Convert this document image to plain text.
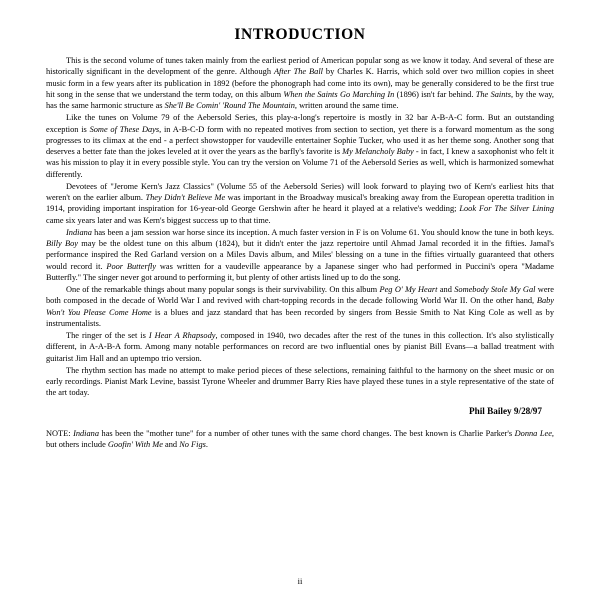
INTRODUCTION

This is the second volume of tunes taken mainly from the earliest period of American popular song as we know it today. And several of these are historically significant in the development of the genre. Although After The Ball by Charles K. Harris, which sold over two million copies in sheet music form in a few years after its publication in 1892 (before the phonograph had come into its own), may be generally considered to be the first true hit song in the sense that we understand the term today, on this album When the Saints Go Marching In (1896) isn't far behind. The Saints, by the way, has the same harmonic structure as She'll Be Comin' 'Round The Mountain, written around the same time.

Like the tunes on Volume 79 of the Aebersold Series, this play-a-long's repertoire is mostly in 32 bar A-B-A-C form. But an outstanding exception is Some of These Days, in A-B-C-D form with no repeated motives from section to section, yet there is a forward momentum as the song progresses to its climax at the end - a perfect showstopper for vaudeville entertainer Sophie Tucker, who used it as her theme song. Another song that deserves a better fate than the jokes leveled at it over the years as the barfly's favorite is My Melancholy Baby - in fact, I knew a saxophonist who felt it was his mission to play it in every possible style. You can try the version on Volume 71 of the Aebersold Series as well, which is harmonized somewhat differently.

Devotees of "Jerome Kern's Jazz Classics" (Volume 55 of the Aebersold Series) will look forward to playing two of Kern's earliest hits that weren't on the earlier album. They Didn't Believe Me was important in the Broadway musical's breaking away from the European operetta tradition in 1914, providing important inspiration for 16-year-old George Gershwin after he heard it played at a relative's wedding; Look For The Silver Lining came six years later and was Kern's biggest success up to that time.

Indiana has been a jam session war horse since its inception. A much faster version in F is on Volume 61. You should know the tune in both keys. Billy Boy may be the oldest tune on this album (1824), but it didn't enter the jazz repertoire until Ahmad Jamal recorded it in the fifties. Jamal's performance inspired the Red Garland version on a Miles Davis album, and Miles' blessing on a tune in the fifties virtually guaranteed that others would record it. Poor Butterfly was written for a vaudeville appearance by a Japanese singer who had performed in Puccini's opera "Madame Butterfly." The singer never got around to performing it, but plenty of other artists lined up to do the song.

One of the remarkable things about many popular songs is their survivability. On this album Peg O' My Heart and Somebody Stole My Gal were both composed in the decade of World War I and revived with chart-topping records in the decade following World War II. On the other hand, Baby Won't You Please Come Home is a blues and jazz standard that has been recorded by singers from Bessie Smith to Nat King Cole as well as by instrumentalists.

The ringer of the set is I Hear A Rhapsody, composed in 1940, two decades after the rest of the tunes in this collection. It's also stylistically different, in A-A-B-A form. Among many notable performances on record are two influential ones by pianist Bill Evans—a ballad treatment with guitarist Jim Hall and an uptempo trio version.

The rhythm section has made no attempt to make period pieces of these selections, remaining faithful to the harmony on the sheet music or on early recordings. Pianist Mark Levine, bassist Tyrone Wheeler and drummer Barry Ries have played these tunes in a style representative of the state of the art today.

Phil Bailey 9/28/97
NOTE: Indiana has been the "mother tune" for a number of other tunes with the same chord changes. The best known is Charlie Parker's Donna Lee, but others include Goofin' With Me and No Figs.
ii
